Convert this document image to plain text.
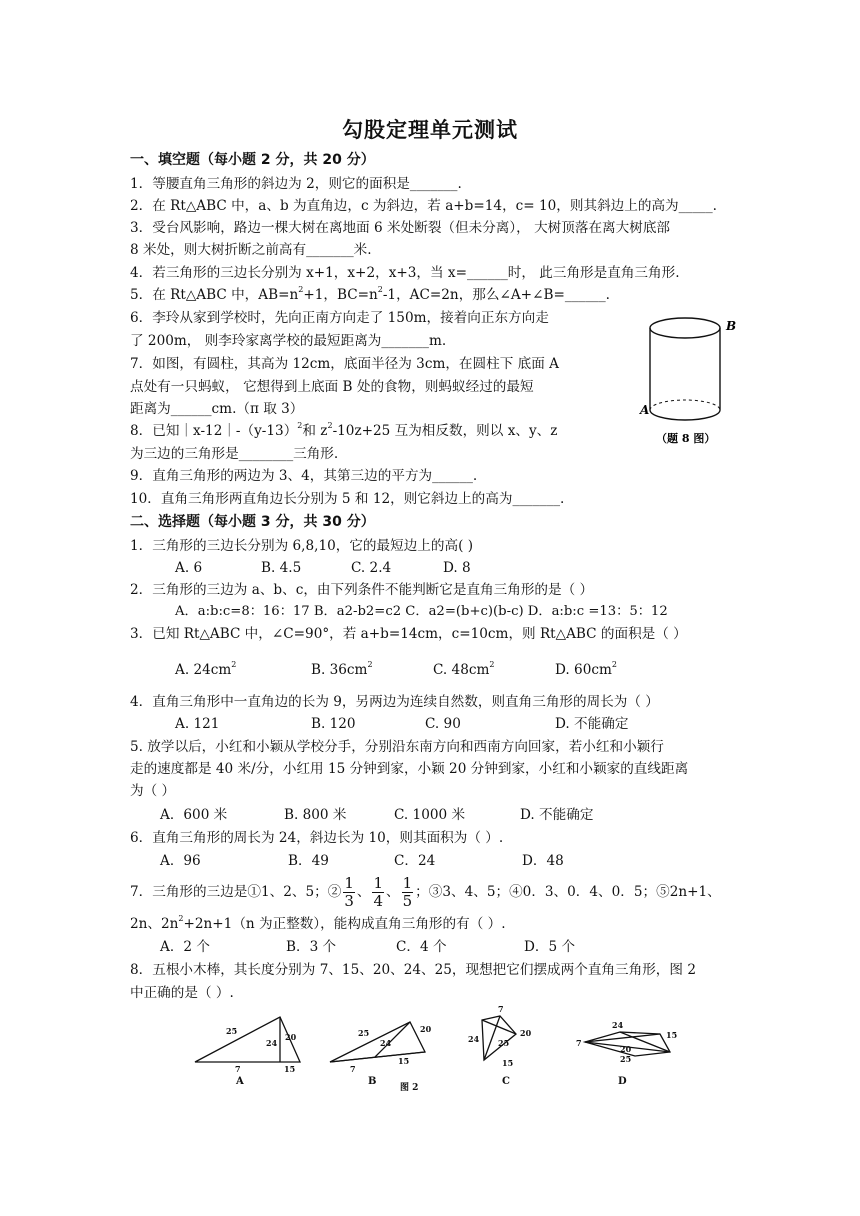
勾股定理单元测试
一、填空题（每小题 2 分，共 20 分）
1．等腰直角三角形的斜边为 2，则它的面积是_______.
2．在 Rt△ABC 中，a、b 为直角边，c 为斜边，若 a+b=14，c= 10，则其斜边上的高为_____.
3．受台风影响，路边一棵大树在离地面 6 米处断裂（但未分离）， 大树顶落在离大树底部
8 米处，则大树折断之前高有_______米.
4．若三角形的三边长分别为 x+1，x+2，x+3，当 x=______时， 此三角形是直角三角形.
5．在 Rt△ABC 中，$AB=n^2+1$，$BC=n^2-1$，AC=2n，那么∠A+∠B=______.
6．李玲从家到学校时，先向正南方向走了 150m，接着向正东方向走
了 200m， 则李玲家离学校的最短距离为_______m.
7．如图，有圆柱，其高为 12cm，底面半径为 3cm，在圆柱下 底面 A
点处有一只蚂蚁， 它想得到上底面 B 处的食物，则蚂蚁经过的最短
距离为______cm.（π 取 3）
8．已知$|x-12|-(y-13)^2$和 $z^2-10z+25$ 互为相反数，则以 x、y、z
为三边的三角形是________三角形.
9．直角三角形的两边为 3、4，其第三边的平方为______.
10．直角三角形两直角边长分别为 5 和 12，则它斜边上的高为_______.
B
A
（题 8 图）
二、选择题（每小题 3 分，共 30 分）
1．三角形的三边长分别为 6,8,10，它的最短边上的高( )
A. 6	B. 4.5	C. 2.4	D. 8
2．三角形的三边为 a、b、c，由下列条件不能判断它是直角三角形的是（ ）
A．a:b:c=8：16：17 B．a2-b2=c2 C．a2=(b+c)(b-c) D．a:b:c =13：5：12
3．已知 Rt△ABC 中，∠C=90°，若 a+b=14cm，c=10cm，则 Rt△ABC 的面积是（ ）
A. $24cm^2$	B. $36cm^2$	C. $48cm^2$	D. $60cm^2$
4．直角三角形中一直角边的长为 9，另两边为连续自然数，则直角三角形的周长为（ ）
A. 121	B. 120	C. 90	D. 不能确定
5. 放学以后，小红和小颖从学校分手，分别沿东南方向和西南方向回家，若小红和小颖行
走的速度都是 40 米/分，小红用 15 分钟到家，小颖 20 分钟到家，小红和小颖家的直线距离
为（ ）
A．600 米	B. 800 米	C. 1000 米	D. 不能确定
6．直角三角形的周长为 24，斜边长为 10，则其面积为（ ）.
A．96	B．49	C．24	D．48
7．三角形的三边是①1、2、5；② $\frac{1}{3}$ 、 $\frac{1}{4}$ 、 $\frac{1}{5}$ ；③3、4、5；④0．3、0．4、0．5；⑤2n+1、
2n、$2n^2+2n+1(n$ 为正整数），能构成直角三角形的有（ ）.
A．2 个	B．3 个	C．4 个	D．5 个
8．五根小木棒，其长度分别为 7、15、20、24、25，现想把它们摆成两个直角三角形，图 2
中正确的是（ ）.
25
24
20
7	15
A
25
24
20
7
15
B
7
24
20
25
15
C
24
15
7
20
25
D
图 2
